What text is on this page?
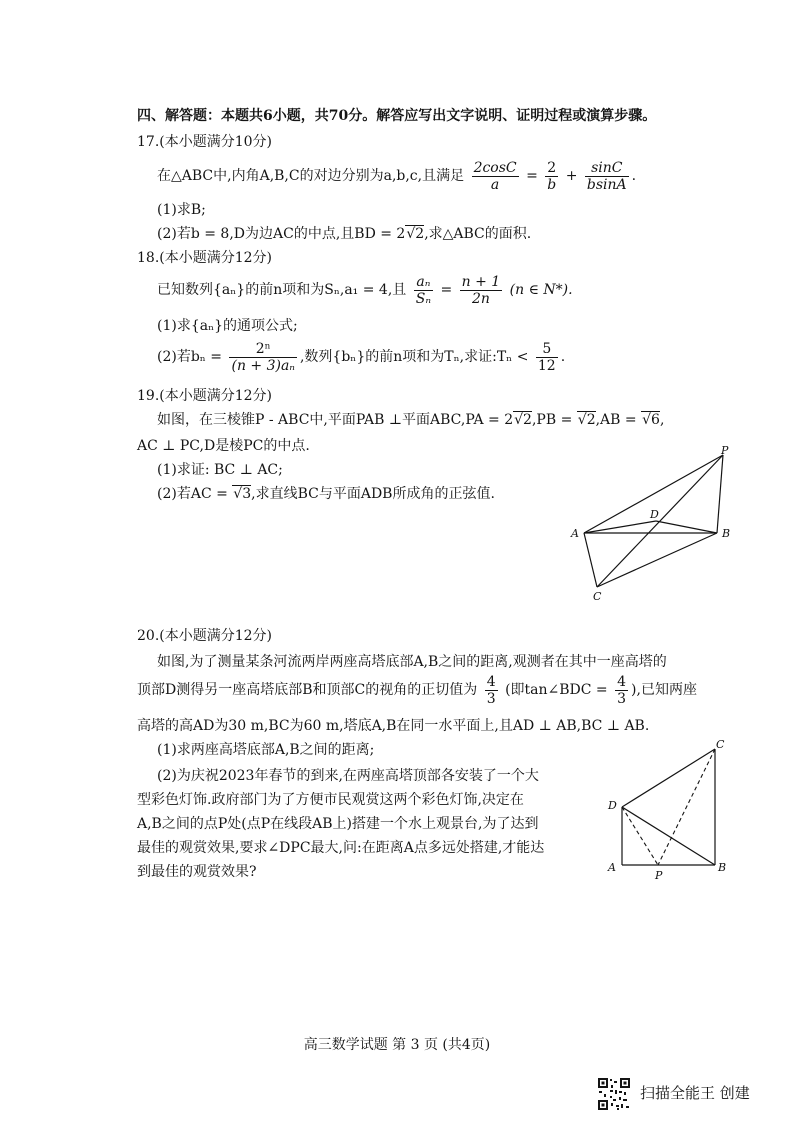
四、解答题：本题共6小题，共70分。解答应写出文字说明、证明过程或演算步骤。
17.(本小题满分10分)
在△ABC中,内角A,B,C的对边分别为a,b,c,且满足 $\frac{2\cos C}{a} = \frac{2}{b} + \frac{\sin C}{bsinA}$ .
(1)求B;
(2)若b = 8,D为边AC的中点,且BD = 2√2,求△ABC的面积.
18.(本小题满分12分)
已知数列{aₙ}的前n项和为Sₙ,a₁ = 4,且 $\frac{\text{aₙ}}{\text{Sₙ}} = \frac{n + 1}{2n} (n$ ∈ N*).
(1)求{aₙ}的通项公式;
(2)若$b_n = \frac{\text{2ⁿ}}{\text{(n + 3)aₙ}}$ ,数列{bₙ}的前n项和为Tₙ,求证:Tₙ < $\frac{5}{12}$ .
19.(本小题满分12分)
如图，在三棱锥P - ABC中,平面PAB ⊥平面ABC,PA = 2√2,PB = √2,AB = √6,
AC ⊥ PC,D是棱PC的中点.
(1)求证: BC ⊥ AC;
(2)若AC = √3,求直线BC与平面ADB所成角的正弦值.
P
A	B
C
D
20.(本小题满分12分)
如图,为了测量某条河流两岸两座高塔底部A,B之间的距离,观测者在其中一座高塔的
顶部D测得另一座高塔底部B和顶部C的视角的正切值为 $\frac{4}{3}$ (即tan∠BDC = $\frac{4}{3}$ ),已知两座
高塔的高AD为30 m,BC为60 m,塔底A,B在同一水平面上,且AD ⊥ AB,BC ⊥ AB.
(1)求两座高塔底部A,B之间的距离;
(2)为庆祝2023年春节的到来,在两座高塔顶部各安装了一个大
型彩色灯饰.政府部门为了方便市民观赏这两个彩色灯饰,决定在
A,B之间的点P处(点P在线段AB上)搭建一个水上观景台,为了达到
最佳的观赏效果,要求∠DPC最大,问:在距离A点多远处搭建,才能达
到最佳的观赏效果?
C
D
A
P
B
高三数学试题 第 3 页 (共4页)
扫描全能王 创建
